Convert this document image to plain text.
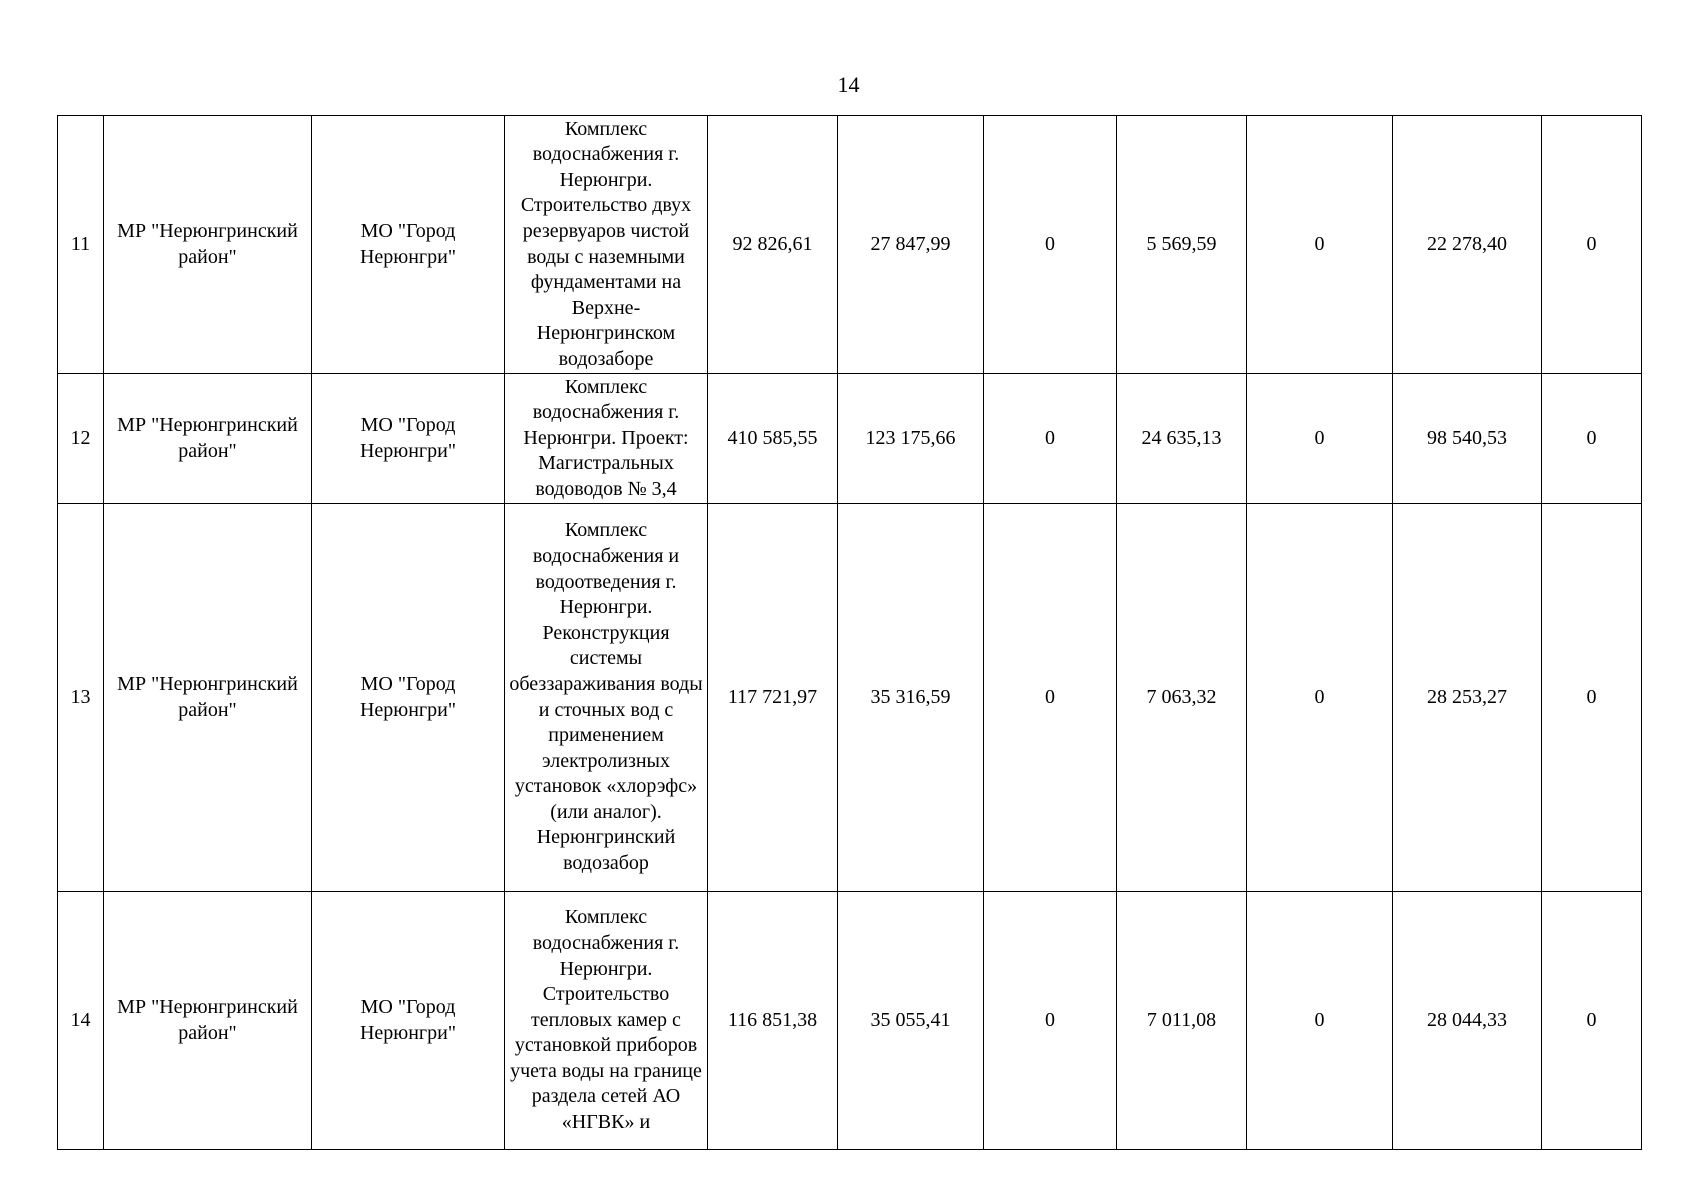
14
11	МР "Нерюнгринский район"	МО "Город Нерюнгри"	Комплекс водоснабжения г. Нерюнгри. Строительство двух резервуаров чистой воды с наземными фундаментами на Верхне-Нерюнгринском водозаборе	92 826,61	27 847,99	0	5 569,59	0	22 278,40	0
12	МР "Нерюнгринский район"	МО "Город Нерюнгри"	Комплекс водоснабжения г. Нерюнгри. Проект: Магистральных водоводов № 3,4	410 585,55	123 175,66	0	24 635,13	0	98 540,53	0
13	МР "Нерюнгринский район"	МО "Город Нерюнгри"	Комплекс водоснабжения и водоотведения г. Нерюнгри. Реконструкция системы обеззараживания воды и сточных вод с применением электролизных установок «хлорэфс» (или аналог). Нерюнгринский водозабор	117 721,97	35 316,59	0	7 063,32	0	28 253,27	0
14	МР "Нерюнгринский район"	МО "Город Нерюнгри"	Комплекс водоснабжения г. Нерюнгри. Строительство тепловых камер с установкой приборов учета воды на границе раздела сетей АО «НГВК» и	116 851,38	35 055,41	0	7 011,08	0	28 044,33	0
